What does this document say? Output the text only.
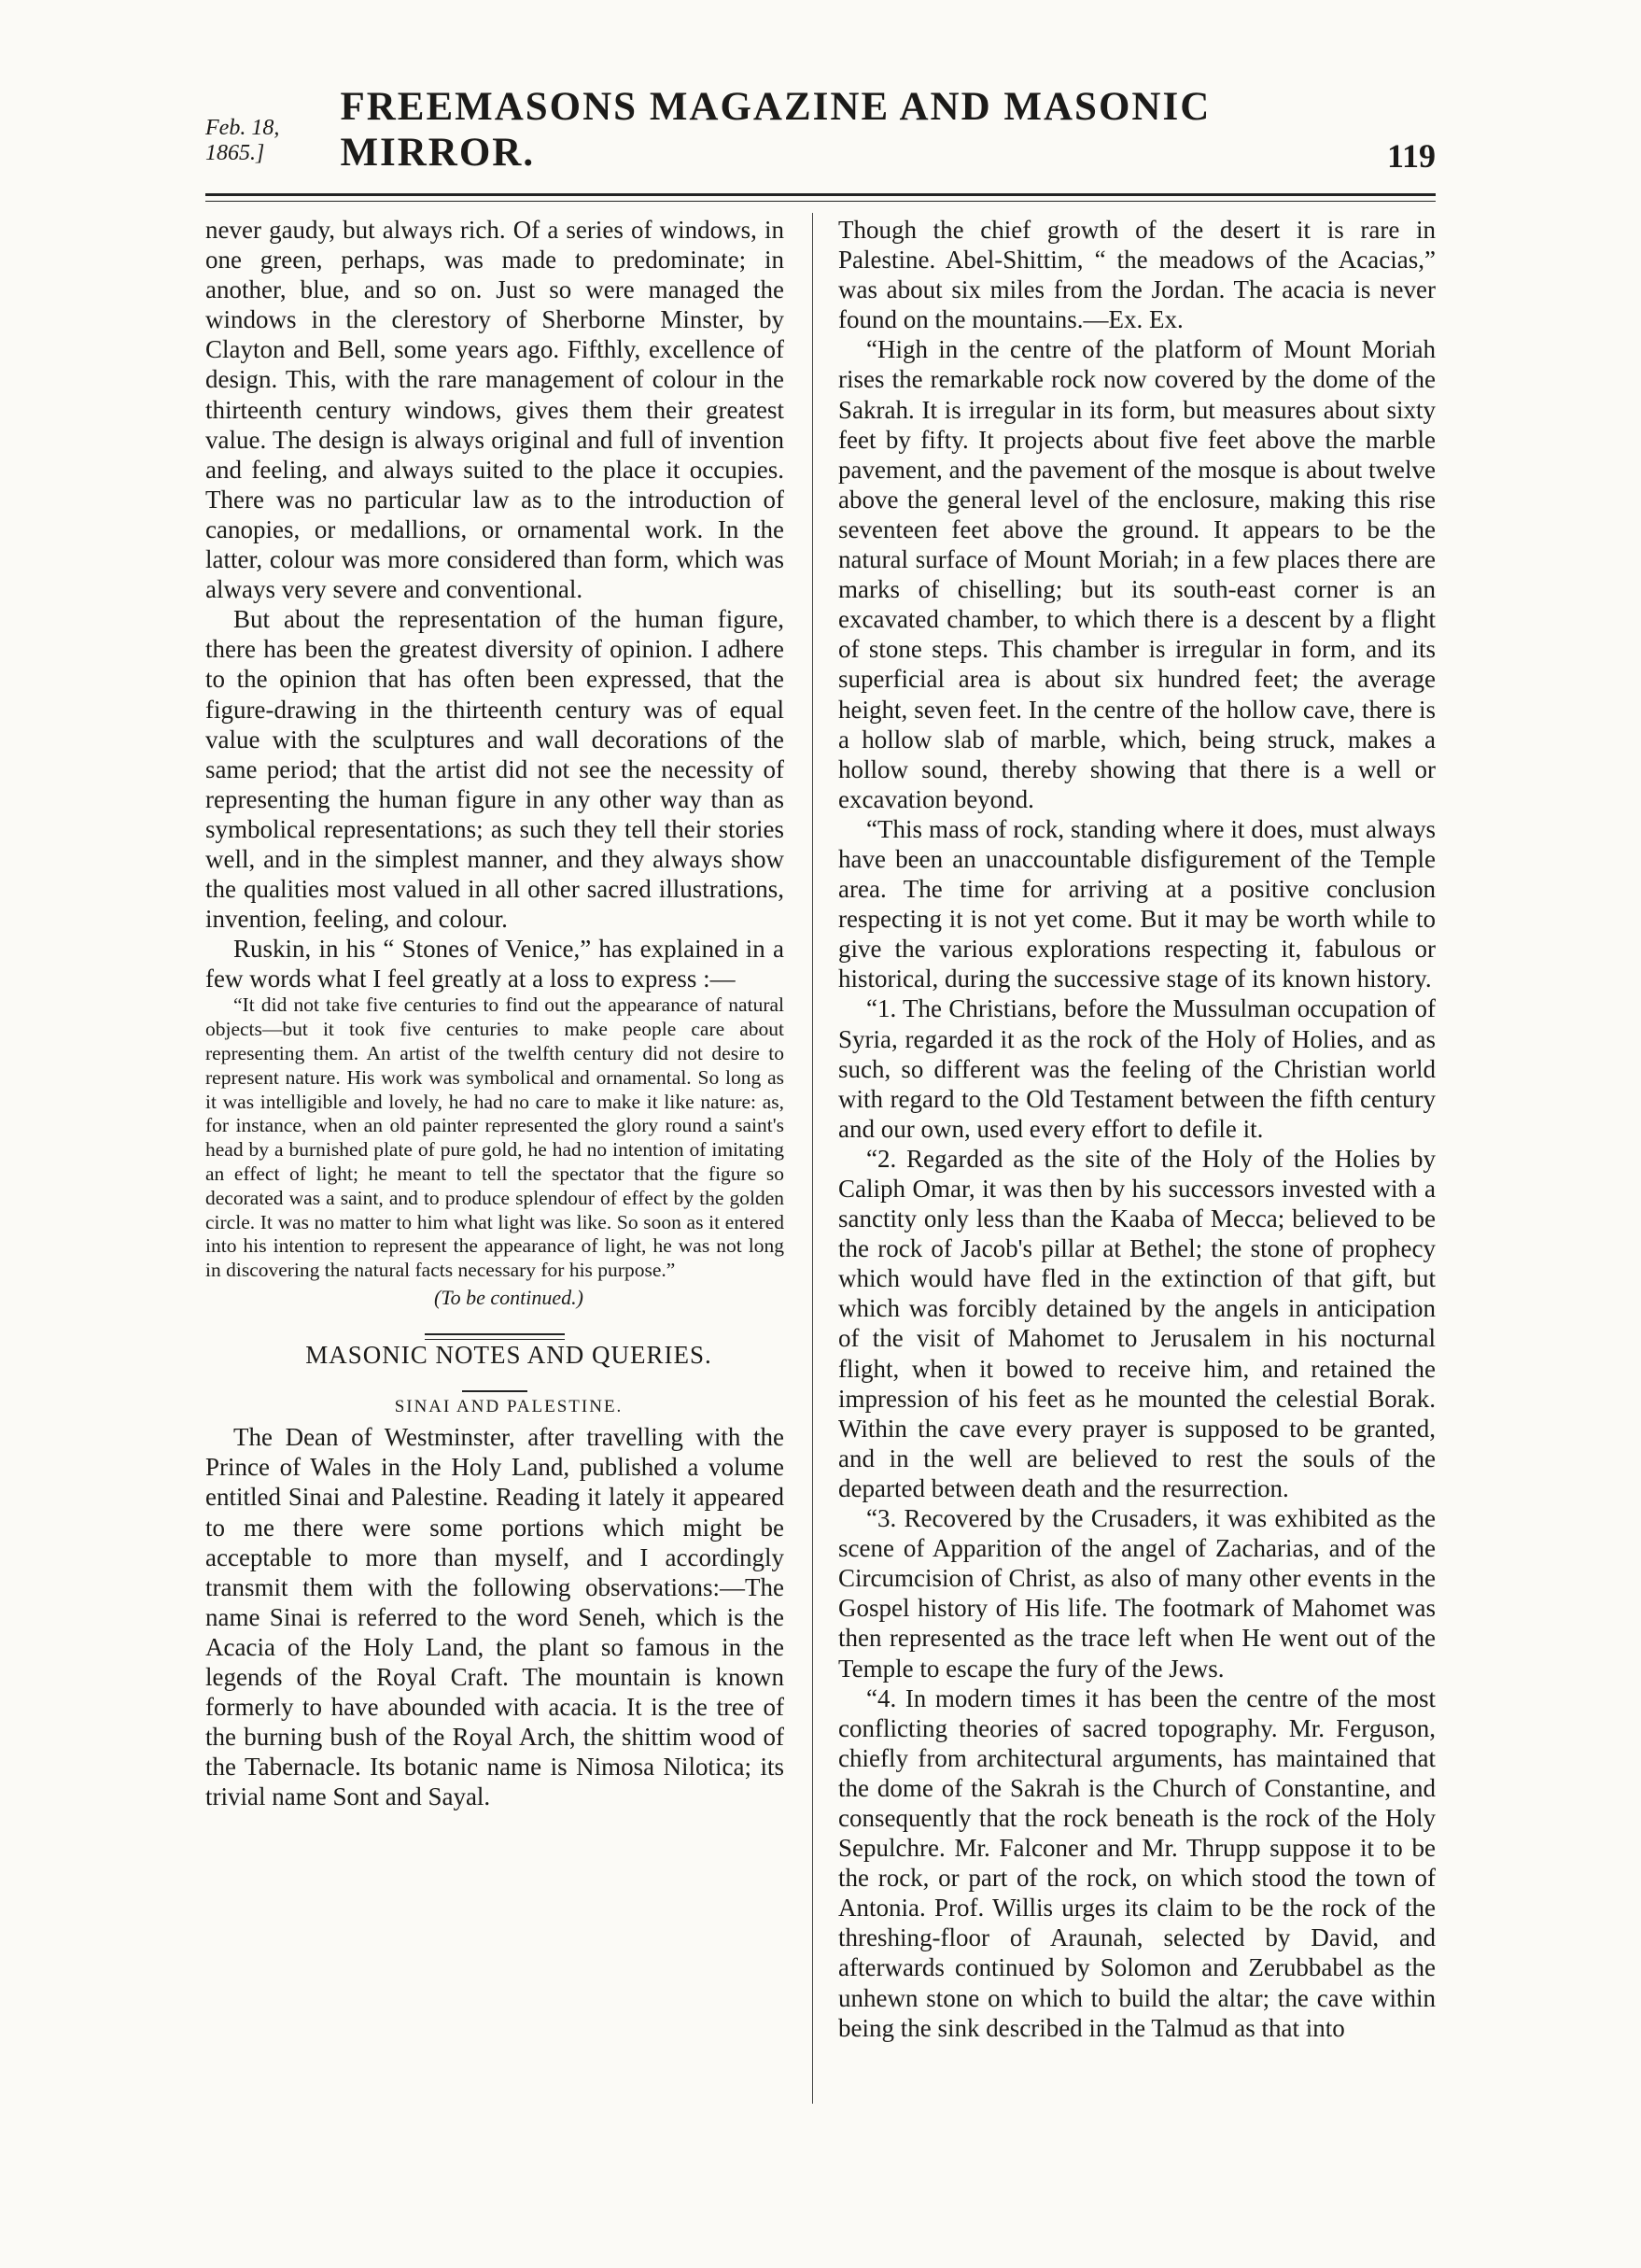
Feb. 18, 1865.]
FREEMASONS MAGAZINE AND MASONIC MIRROR.	119

never gaudy, but always rich. Of a series of windows, in one green, perhaps, was made to predominate; in another, blue, and so on. Just so were managed the windows in the clerestory of Sherborne Minster, by Clayton and Bell, some years ago. Fifthly, excellence of design. This, with the rare management of colour in the thirteenth century windows, gives them their greatest value. The design is always original and full of invention and feeling, and always suited to the place it occupies. There was no particular law as to the introduction of canopies, or medallions, or ornamental work. In the latter, colour was more considered than form, which was always very severe and conventional.

But about the representation of the human figure, there has been the greatest diversity of opinion. I adhere to the opinion that has often been expressed, that the figure-drawing in the thirteenth century was of equal value with the sculptures and wall decorations of the same period; that the artist did not see the necessity of representing the human figure in any other way than as symbolical representations; as such they tell their stories well, and in the simplest manner, and they always show the qualities most valued in all other sacred illustrations, invention, feeling, and colour.

Ruskin, in his “ Stones of Venice,” has explained in a few words what I feel greatly at a loss to express :—

“It did not take five centuries to find out the appearance of natural objects—but it took five centuries to make people care about representing them. An artist of the twelfth century did not desire to represent nature. His work was symbolical and ornamental. So long as it was intelligible and lovely, he had no care to make it like nature: as, for instance, when an old painter represented the glory round a saint's head by a burnished plate of pure gold, he had no intention of imitating an effect of light; he meant to tell the spectator that the figure so decorated was a saint, and to produce splendour of effect by the golden circle. It was no matter to him what light was like. So soon as it entered into his intention to represent the appearance of light, he was not long in discovering the natural facts necessary for his purpose.”

(To be continued.)

MASONIC NOTES AND QUERIES.

SINAI AND PALESTINE.

The Dean of Westminster, after travelling with the Prince of Wales in the Holy Land, published a volume entitled Sinai and Palestine. Reading it lately it appeared to me there were some portions which might be acceptable to more than myself, and I accordingly transmit them with the following observations:—The name Sinai is referred to the word Seneh, which is the Acacia of the Holy Land, the plant so famous in the legends of the Royal Craft. The mountain is known formerly to have abounded with acacia. It is the tree of the burning bush of the Royal Arch, the shittim wood of the Tabernacle. Its botanic name is Nimosa Nilotica; its trivial name Sont and Sayal.

Though the chief growth of the desert it is rare in Palestine. Abel-Shittim, “ the meadows of the Acacias,” was about six miles from the Jordan. The acacia is never found on the mountains.—Ex. Ex.

“High in the centre of the platform of Mount Moriah rises the remarkable rock now covered by the dome of the Sakrah. It is irregular in its form, but measures about sixty feet by fifty. It projects about five feet above the marble pavement, and the pavement of the mosque is about twelve above the general level of the enclosure, making this rise seventeen feet above the ground. It appears to be the natural surface of Mount Moriah; in a few places there are marks of chiselling; but its south-east corner is an excavated chamber, to which there is a descent by a flight of stone steps. This chamber is irregular in form, and its superficial area is about six hundred feet; the average height, seven feet. In the centre of the hollow cave, there is a hollow slab of marble, which, being struck, makes a hollow sound, thereby showing that there is a well or excavation beyond.

“This mass of rock, standing where it does, must always have been an unaccountable disfigurement of the Temple area. The time for arriving at a positive conclusion respecting it is not yet come. But it may be worth while to give the various explorations respecting it, fabulous or historical, during the successive stage of its known history.

“1. The Christians, before the Mussulman occupation of Syria, regarded it as the rock of the Holy of Holies, and as such, so different was the feeling of the Christian world with regard to the Old Testament between the fifth century and our own, used every effort to defile it.

“2. Regarded as the site of the Holy of the Holies by Caliph Omar, it was then by his successors invested with a sanctity only less than the Kaaba of Mecca; believed to be the rock of Jacob's pillar at Bethel; the stone of prophecy which would have fled in the extinction of that gift, but which was forcibly detained by the angels in anticipation of the visit of Mahomet to Jerusalem in his nocturnal flight, when it bowed to receive him, and retained the impression of his feet as he mounted the celestial Borak. Within the cave every prayer is supposed to be granted, and in the well are believed to rest the souls of the departed between death and the resurrection.

“3. Recovered by the Crusaders, it was exhibited as the scene of Apparition of the angel of Zacharias, and of the Circumcision of Christ, as also of many other events in the Gospel history of His life. The footmark of Mahomet was then represented as the trace left when He went out of the Temple to escape the fury of the Jews.

“4. In modern times it has been the centre of the most conflicting theories of sacred topography. Mr. Ferguson, chiefly from architectural arguments, has maintained that the dome of the Sakrah is the Church of Constantine, and consequently that the rock beneath is the rock of the Holy Sepulchre. Mr. Falconer and Mr. Thrupp suppose it to be the rock, or part of the rock, on which stood the town of Antonia. Prof. Willis urges its claim to be the rock of the threshing-floor of Araunah, selected by David, and afterwards continued by Solomon and Zerubbabel as the unhewn stone on which to build the altar; the cave within being the sink described in the Talmud as that into
